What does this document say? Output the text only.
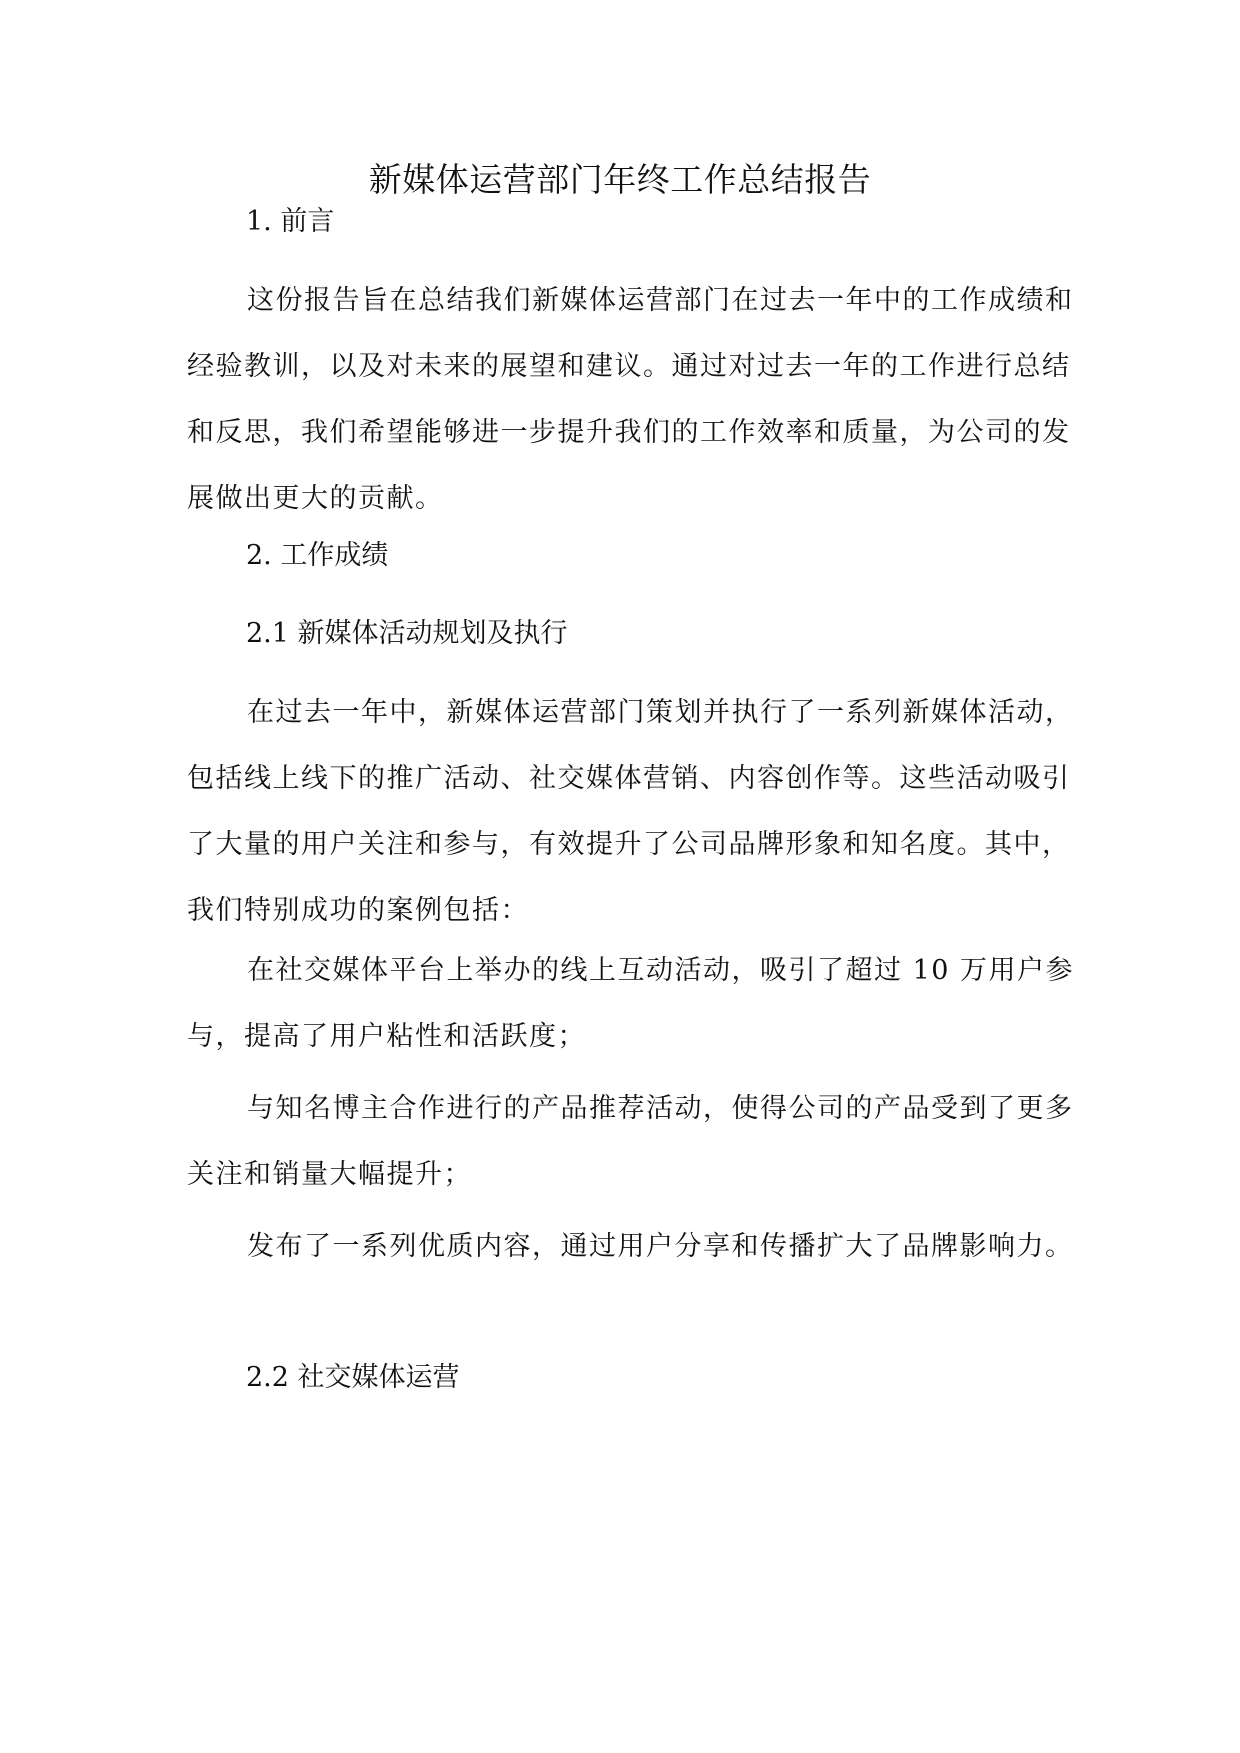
新媒体运营部门年终工作总结报告
1. 前言
这份报告旨在总结我们新媒体运营部门在过去一年中的工作成绩和经验教训，以及对未来的展望和建议。通过对过去一年的工作进行总结和反思，我们希望能够进一步提升我们的工作效率和质量，为公司的发展做出更大的贡献。
2. 工作成绩
2.1 新媒体活动规划及执行
在过去一年中，新媒体运营部门策划并执行了一系列新媒体活动，包括线上线下的推广活动、社交媒体营销、内容创作等。这些活动吸引了大量的用户关注和参与，有效提升了公司品牌形象和知名度。其中，我们特别成功的案例包括：
在社交媒体平台上举办的线上互动活动，吸引了超过 10 万用户参与，提高了用户粘性和活跃度；
与知名博主合作进行的产品推荐活动，使得公司的产品受到了更多关注和销量大幅提升；
发布了一系列优质内容，通过用户分享和传播扩大了品牌影响力。
2.2 社交媒体运营
